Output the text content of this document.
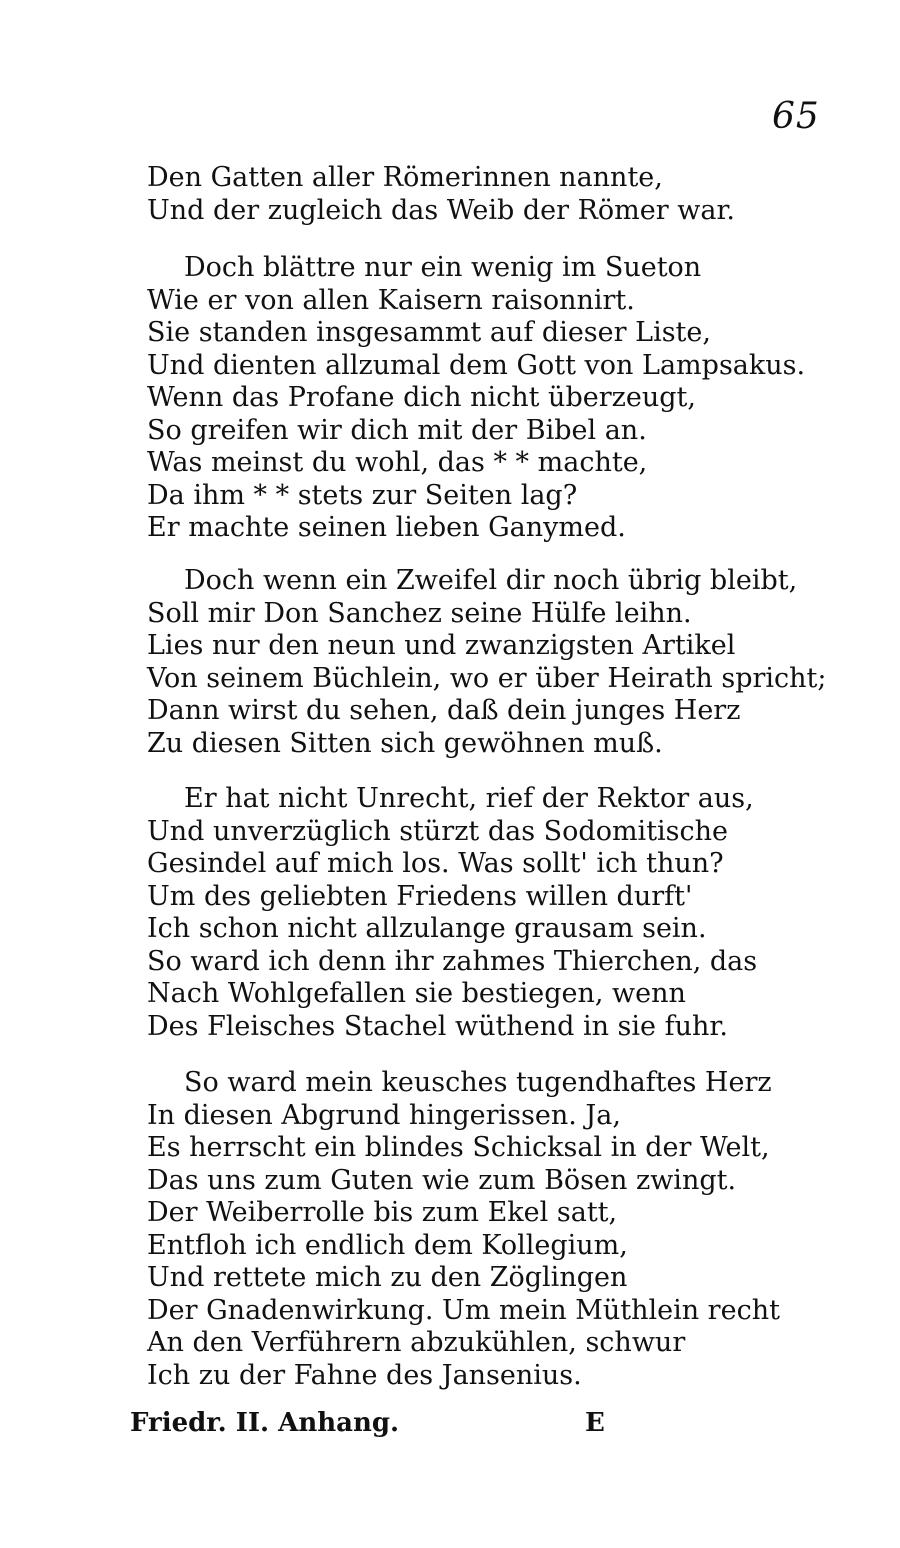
65
Den Gatten aller Römerinnen nannte,
Und der zugleich das Weib der Römer war.
Doch blättre nur ein wenig im Sueton
Wie er von allen Kaisern raisonnirt.
Sie standen insgesammt auf dieser Liste,
Und dienten allzumal dem Gott von Lampsakus.
Wenn das Profane dich nicht überzeugt,
So greifen wir dich mit der Bibel an.
Was meinst du wohl, das * * machte,
Da ihm * * stets zur Seiten lag?
Er machte seinen lieben Ganymed.
Doch wenn ein Zweifel dir noch übrig bleibt,
Soll mir Don Sanchez seine Hülfe leihn.
Lies nur den neun und zwanzigsten Artikel
Von seinem Büchlein, wo er über Heirath spricht;
Dann wirst du sehen, daß dein junges Herz
Zu diesen Sitten sich gewöhnen muß.
Er hat nicht Unrecht, rief der Rektor aus,
Und unverzüglich stürzt das Sodomitische
Gesindel auf mich los. Was sollt' ich thun?
Um des geliebten Friedens willen durft'
Ich schon nicht allzulange grausam sein.
So ward ich denn ihr zahmes Thierchen, das
Nach Wohlgefallen sie bestiegen, wenn
Des Fleisches Stachel wüthend in sie fuhr.
So ward mein keusches tugendhaftes Herz
In diesen Abgrund hingerissen. Ja,
Es herrscht ein blindes Schicksal in der Welt,
Das uns zum Guten wie zum Bösen zwingt.
Der Weiberrolle bis zum Ekel satt,
Entfloh ich endlich dem Kollegium,
Und rettete mich zu den Zöglingen
Der Gnadenwirkung. Um mein Müthlein recht
An den Verführern abzukühlen, schwur
Ich zu der Fahne des Jansenius.
Friedr. II. Anhang.	E
